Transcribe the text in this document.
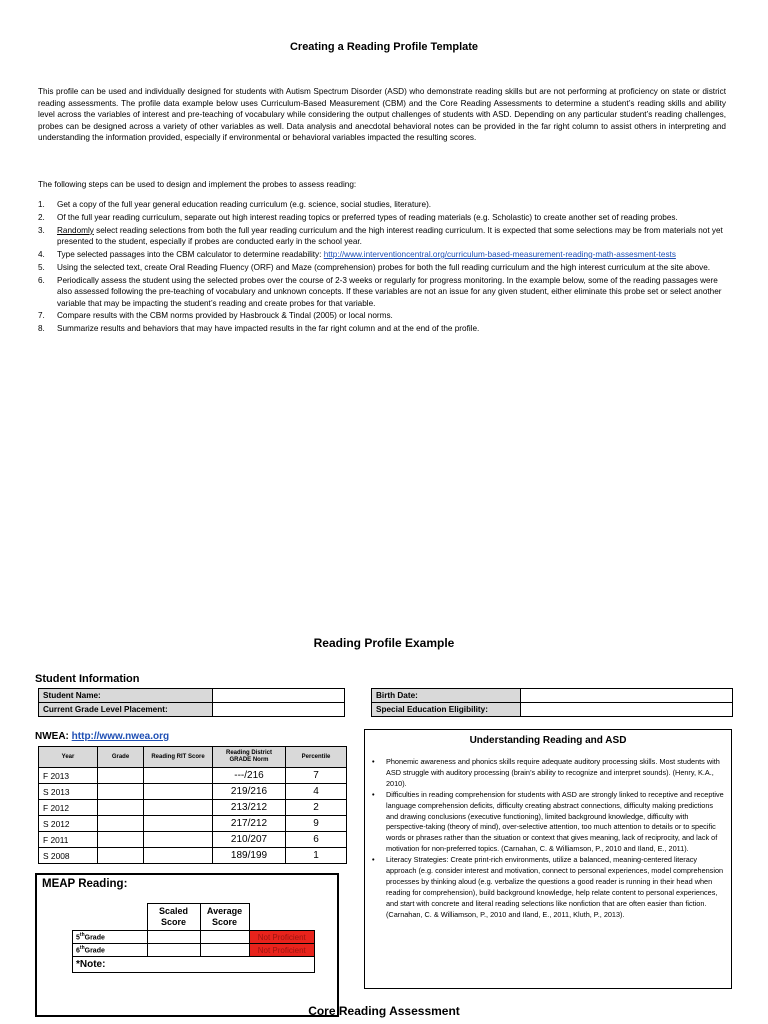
Creating a Reading Profile Template
This profile can be used and individually designed for students with Autism Spectrum Disorder (ASD) who demonstrate reading skills but are not performing at proficiency on state or district reading assessments. The profile data example below uses Curriculum-Based Measurement (CBM) and the Core Reading Assessments to determine a student’s reading skills and ability level across the variables of interest and pre-teaching of vocabulary while considering the output challenges of students with ASD. Depending on any particular student’s reading challenges, probes can be designed across a variety of other variables as well. Data analysis and anecdotal behavioral notes can be provided in the far right column to assist others in interpreting and understanding the information provided, especially if environmental or behavioral variables impacted the resulting scores.
The following steps can be used to design and implement the probes to assess reading:
1. Get a copy of the full year general education reading curriculum (e.g. science, social studies, literature).
2. Of the full year reading curriculum, separate out high interest reading topics or preferred types of reading materials (e.g. Scholastic) to create another set of reading probes.
3. Randomly select reading selections from both the full year reading curriculum and the high interest reading curriculum. It is expected that some selections may be from materials not yet presented to the student, especially if probes are conducted early in the school year.
4. Type selected passages into the CBM calculator to determine readability: http://www.interventioncentral.org/curriculum-based-measurement-reading-math-assesment-tests
5. Using the selected text, create Oral Reading Fluency (ORF) and Maze (comprehension) probes for both the full reading curriculum and the high interest curriculum at the site above.
6. Periodically assess the student using the selected probes over the course of 2-3 weeks or regularly for progress monitoring. In the example below, some of the reading passages were also assessed following the pre-teaching of vocabulary and unknown concepts. If these variables are not an issue for any given student, either eliminate this probe set or select another variable that may be impacting the student’s reading and create probes for that variable.
7. Compare results with the CBM norms provided by Hasbrouck & Tindal (2005) or local norms.
8. Summarize results and behaviors that may have impacted results in the far right column and at the end of the profile.
Reading Profile Example
Student Information
Student Name:	
Current Grade Level Placement:	
Birth Date:	
Special Education Eligibility:	
NWEA: http://www.nwea.org
Year	Grade	Reading RIT Score	Reading District GRADE Norm	Percentile
F 2013			---/216	7
S 2013			219/216	4
F 2012			213/212	2
S 2012			217/212	9
F 2011			210/207	6
S 2008			189/199	1
MEAP Reading:
	Scaled Score	Average Score	
5thGrade			Not Proficient
6thGrade			Not Proficient
*Note:			
Understanding Reading and ASD
• Phonemic awareness and phonics skills require adequate auditory processing skills. Most students with ASD struggle with auditory processing (brain’s ability to recognize and interpret sounds). (Henry, K.A., 2010).
• Difficulties in reading comprehension for students with ASD are strongly linked to receptive and receptive language comprehension deficits, difficulty creating abstract connections, difficulty making predictions and drawing conclusions (executive functioning), limited background knowledge, difficulty with perspective-taking (theory of mind), over-selective attention, too much attention to details or to specific words or phrases rather than the situation or context that gives meaning, lack of reciprocity, and lack of motivation for non-preferred topics. (Carnahan, C. & Williamson, P., 2010 and Iland, E., 2011).
• Literacy Strategies: Create print-rich environments, utilize a balanced, meaning-centered literacy approach (e.g. consider interest and motivation, connect to personal experiences, model comprehension processes by thinking aloud (e.g. verbalize the questions a good reader is running in their head when reading for comprehension), build background knowledge, help relate content to personal experiences, and start with concrete and literal reading selections like nonfiction that are often easier than fiction. (Carnahan, C. & Williamson, P., 2010 and Iland, E., 2011, Kluth, P., 2013).
Core Reading Assessment
